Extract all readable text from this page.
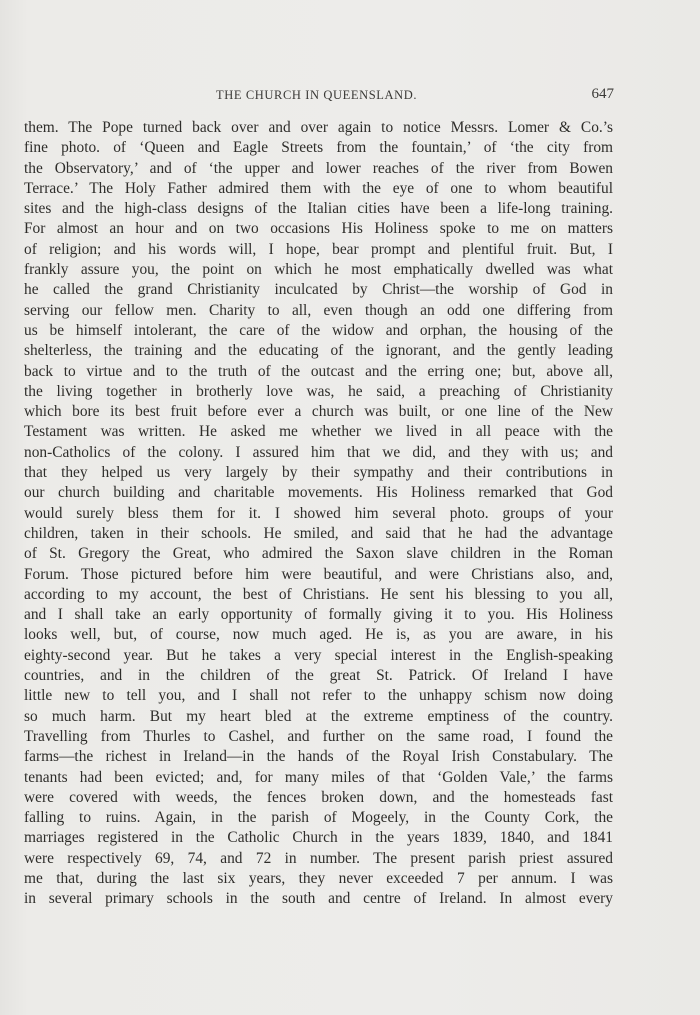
THE CHURCH IN QUEENSLAND.	647
them. The Pope turned back over and over again to notice Messrs. Lomer & Co.’s
fine photo. of ‘Queen and Eagle Streets from the fountain,’ of ‘the city from
the Observatory,’ and of ‘the upper and lower reaches of the river from Bowen
Terrace.’ The Holy Father admired them with the eye of one to whom beautiful
sites and the high-class designs of the Italian cities have been a life-long training.
For almost an hour and on two occasions His Holiness spoke to me on matters
of religion; and his words will, I hope, bear prompt and plentiful fruit. But, I
frankly assure you, the point on which he most emphatically dwelled was what
he called the grand Christianity inculcated by Christ—the worship of God in
serving our fellow men. Charity to all, even though an odd one differing from
us be himself intolerant, the care of the widow and orphan, the housing of the
shelterless, the training and the educating of the ignorant, and the gently leading
back to virtue and to the truth of the outcast and the erring one; but, above all,
the living together in brotherly love was, he said, a preaching of Christianity
which bore its best fruit before ever a church was built, or one line of the New
Testament was written. He asked me whether we lived in all peace with the
non-Catholics of the colony. I assured him that we did, and they with us; and
that they helped us very largely by their sympathy and their contributions in
our church building and charitable movements. His Holiness remarked that God
would surely bless them for it. I showed him several photo. groups of your
children, taken in their schools. He smiled, and said that he had the advantage
of St. Gregory the Great, who admired the Saxon slave children in the Roman
Forum. Those pictured before him were beautiful, and were Christians also, and,
according to my account, the best of Christians. He sent his blessing to you all,
and I shall take an early opportunity of formally giving it to you. His Holiness
looks well, but, of course, now much aged. He is, as you are aware, in his
eighty-second year. But he takes a very special interest in the English-speaking
countries, and in the children of the great St. Patrick. Of Ireland I have
little new to tell you, and I shall not refer to the unhappy schism now doing
so much harm. But my heart bled at the extreme emptiness of the country.
Travelling from Thurles to Cashel, and further on the same road, I found the
farms—the richest in Ireland—in the hands of the Royal Irish Constabulary. The
tenants had been evicted; and, for many miles of that ‘Golden Vale,’ the farms
were covered with weeds, the fences broken down, and the homesteads fast
falling to ruins. Again, in the parish of Mogeely, in the County Cork, the
marriages registered in the Catholic Church in the years 1839, 1840, and 1841
were respectively 69, 74, and 72 in number. The present parish priest assured
me that, during the last six years, they never exceeded 7 per annum. I was
in several primary schools in the south and centre of Ireland. In almost every
